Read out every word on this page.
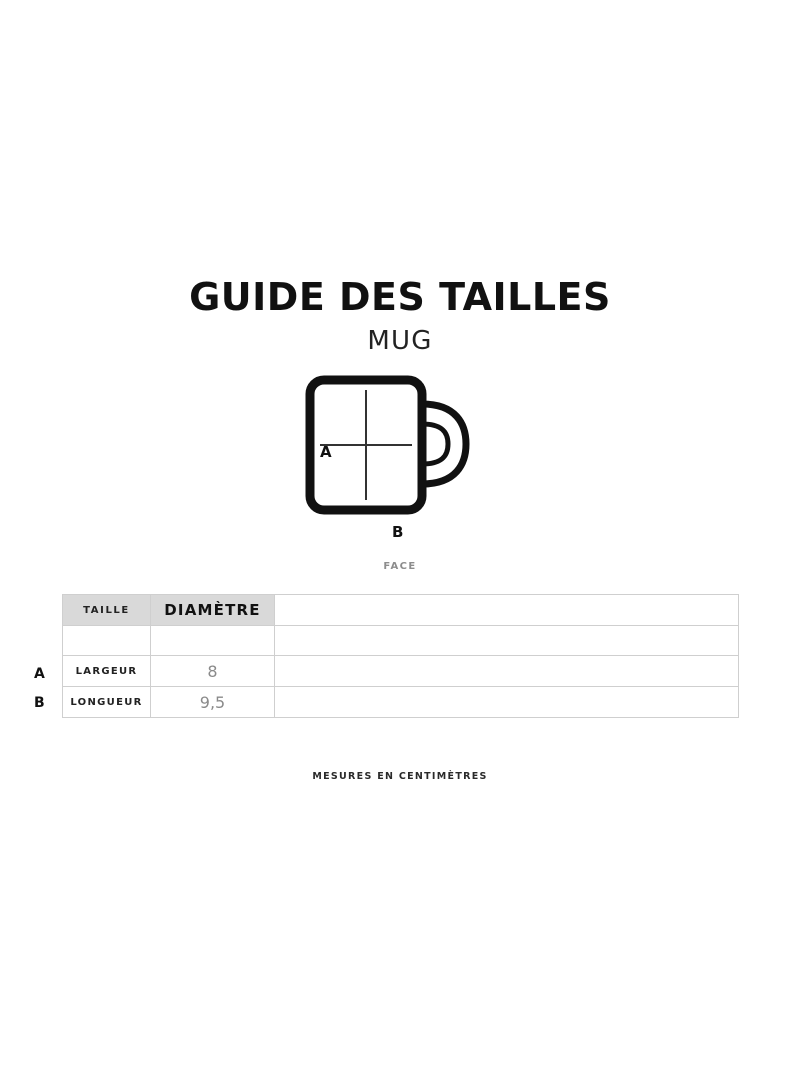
GUIDE DES TAILLES
MUG
A
B
FACE
A
B
TAILLE	DIAMÈTRE	

LARGEUR	8	
LONGUEUR	9,5	
MESURES EN CENTIMÈTRES
